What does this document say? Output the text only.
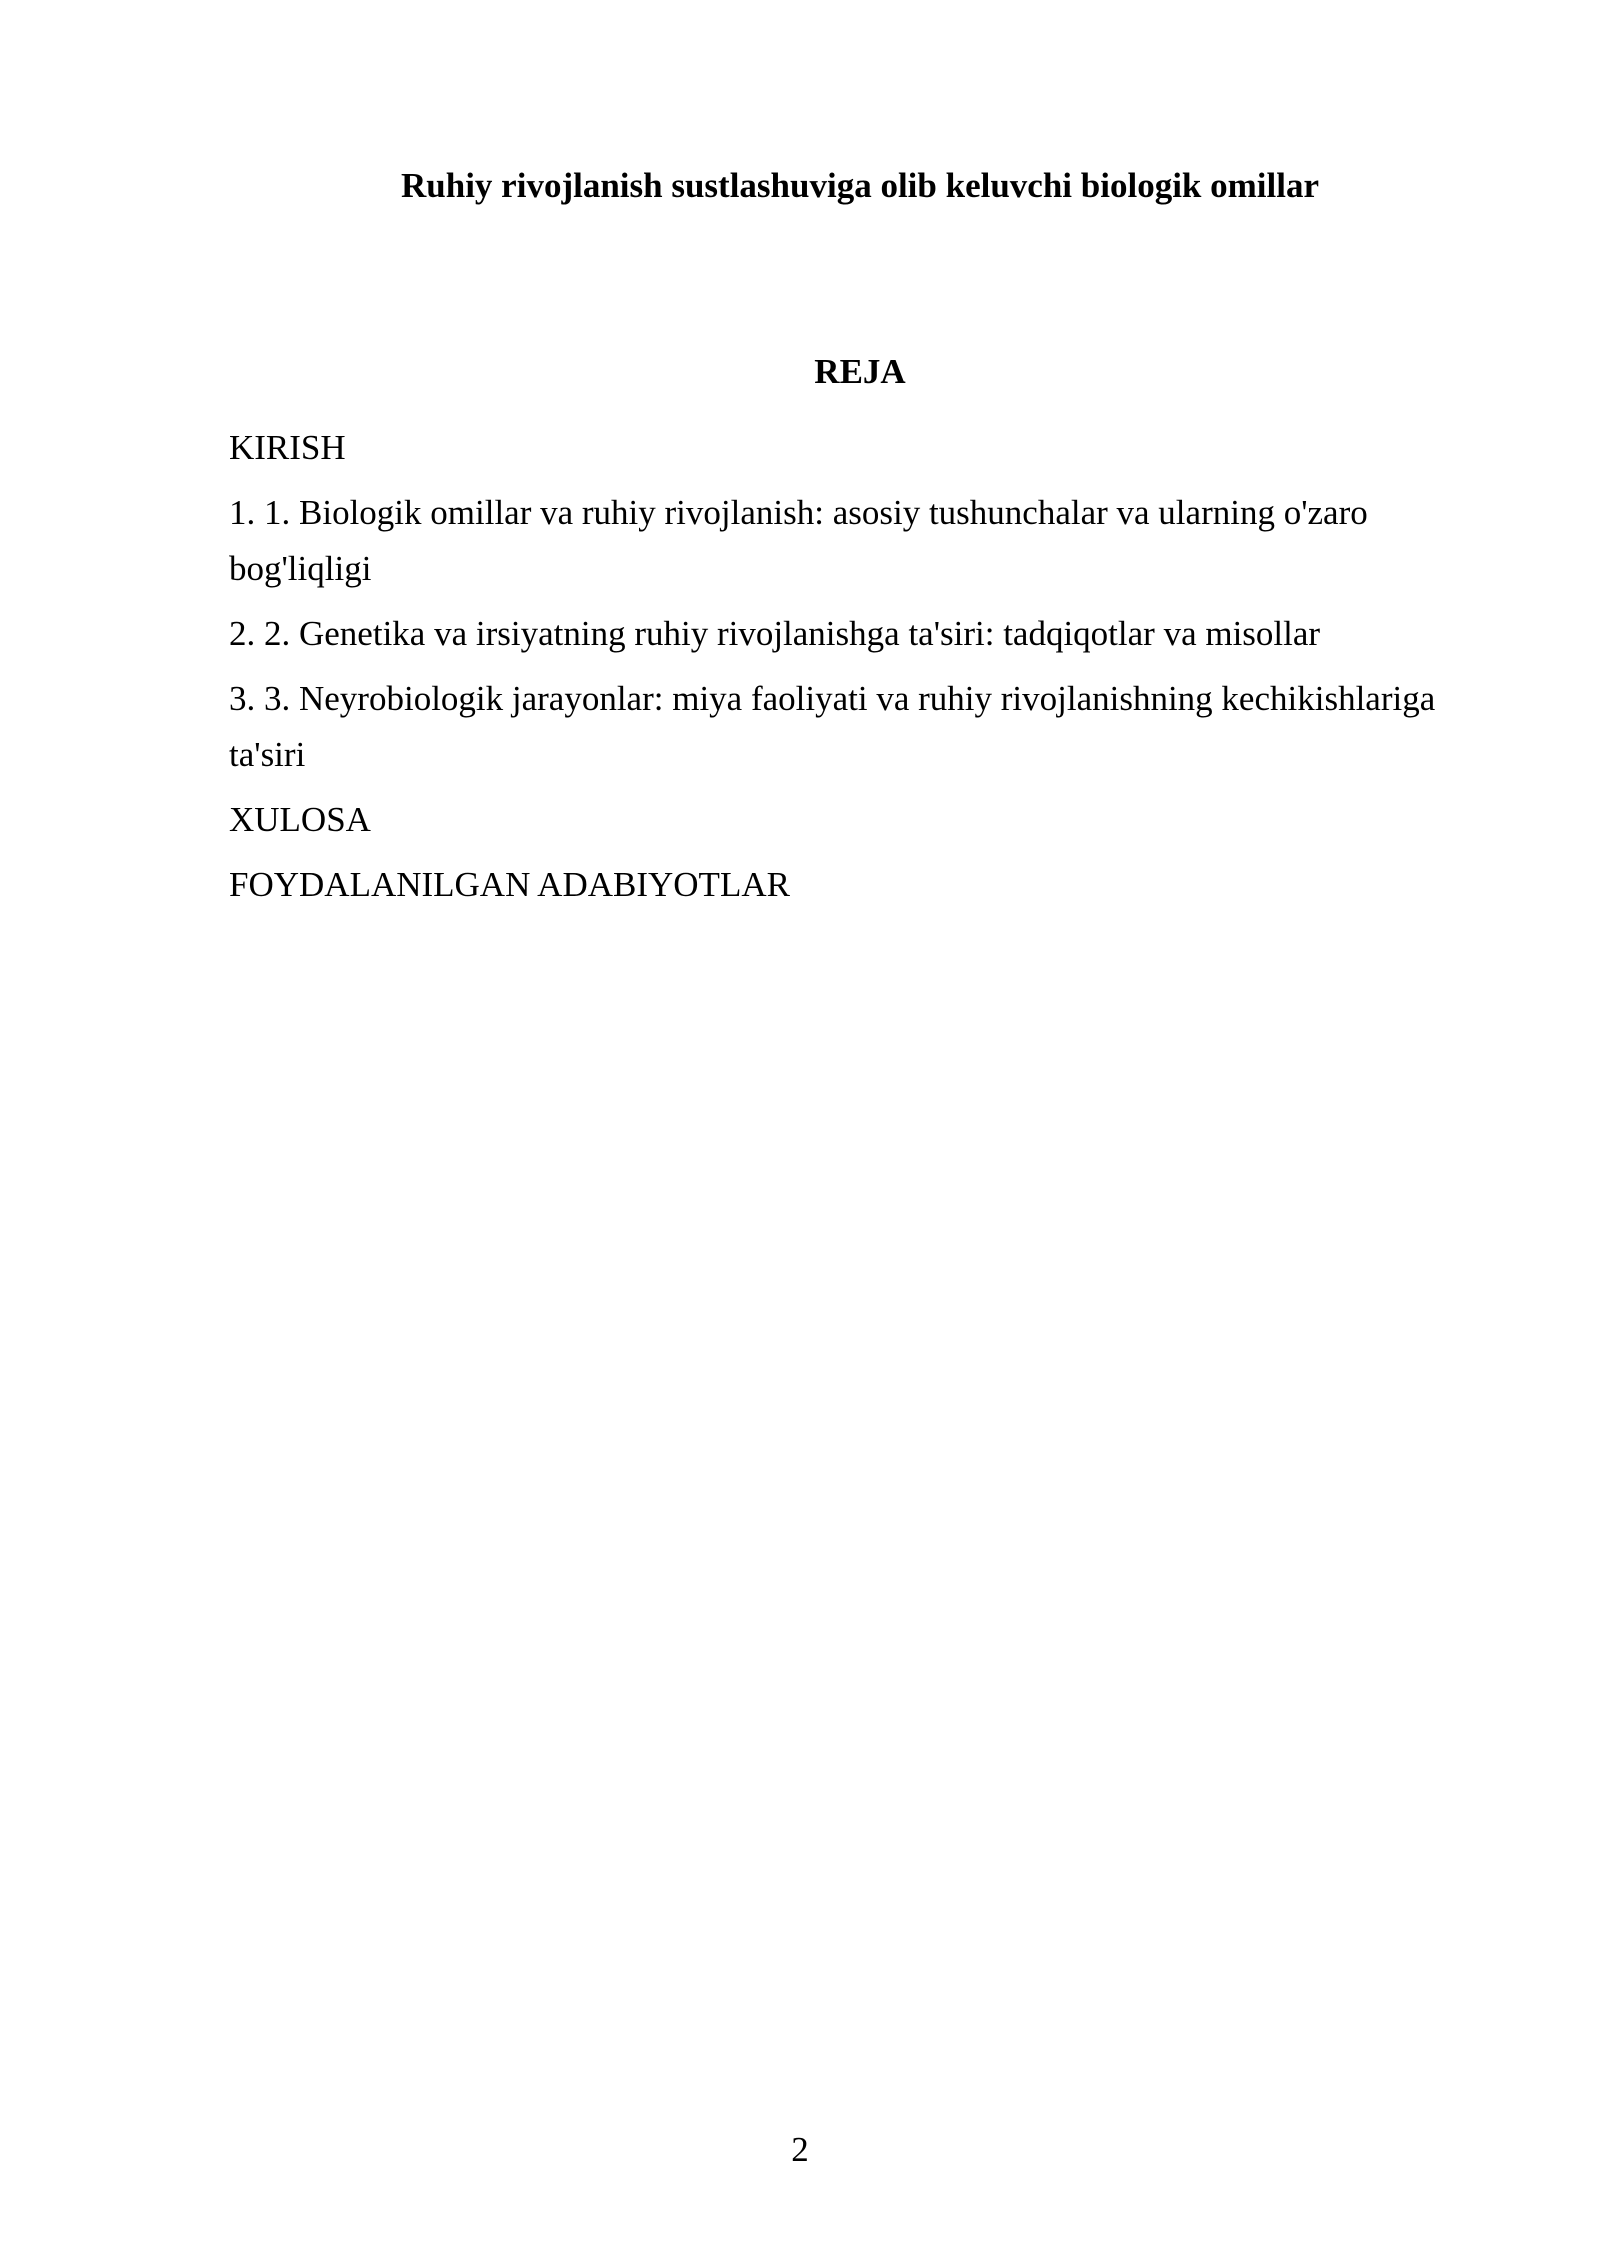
Ruhiy rivojlanish sustlashuviga olib keluvchi biologik omillar
REJA
KIRISH
1. 1. Biologik omillar va ruhiy rivojlanish: asosiy tushunchalar va ularning o'zaro bog'liqligi
2. 2. Genetika va irsiyatning ruhiy rivojlanishga ta'siri: tadqiqotlar va misollar
3. 3. Neyrobiologik jarayonlar: miya faoliyati va ruhiy rivojlanishning kechikishlariga ta'siri
XULOSA
FOYDALANILGAN ADABIYOTLAR
2
